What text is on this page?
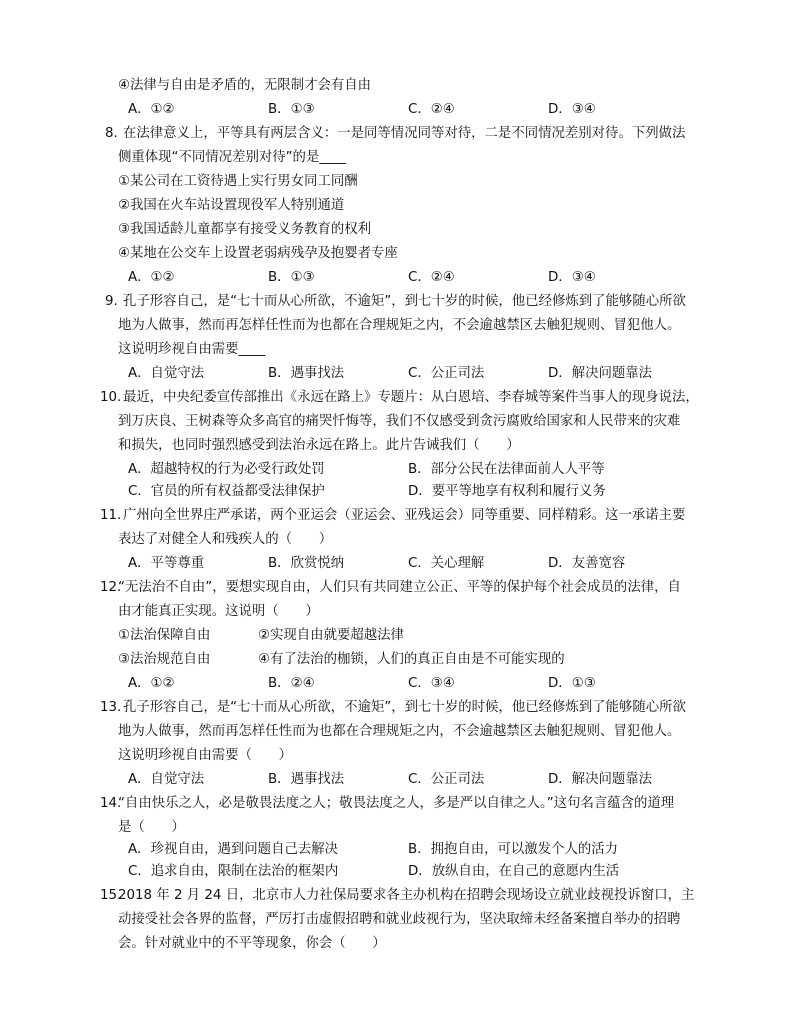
④法律与自由是矛盾的，无限制才会有自由
A．①②	B．①③	C．②④	D．③④
8. 在法律意义上，平等具有两层含义：一是同等情况同等对待，二是不同情况差别对待。下列做法
侧重体现“不同情况差别对待”的是____
①某公司在工资待遇上实行男女同工同酬
②我国在火车站设置现役军人特别通道
③我国适龄儿童都享有接受义务教育的权利
④某地在公交车上设置老弱病残孕及抱婴者专座
A．①②	B．①③	C．②④	D．③④
9. 孔子形容自己，是“七十而从心所欲，不逾矩”，到七十岁的时候，他已经修炼到了能够随心所欲
地为人做事，然而再怎样任性而为也都在合理规矩之内，不会逾越禁区去触犯规则、冒犯他人。
这说明珍视自由需要____
A．自觉守法	B．遇事找法	C．公正司法	D．解决问题靠法
10. 最近，中央纪委宣传部推出《永远在路上》专题片：从白恩培、李春城等案件当事人的现身说法，
到万庆良、王树森等众多高官的痛哭忏悔等，我们不仅感受到贪污腐败给国家和人民带来的灾难
和损失，也同时强烈感受到法治永远在路上。此片告诫我们（　　）
A．超越特权的行为必受行政处罚	B．部分公民在法律面前人人平等
C．官员的所有权益都受法律保护	D．要平等地享有权利和履行义务
11. 广州向全世界庄严承诺，两个亚运会（亚运会、亚残运会）同等重要、同样精彩。这一承诺主要
表达了对健全人和残疾人的（　　）
A．平等尊重	B．欣赏悦纳	C．关心理解	D．友善宽容
12.
“无法治不自由”，要想实现自由，人们只有共同建立公正、平等的保护每个社会成员的法律，自
由才能真正实现。这说明（　　）
①法治保障自由	②实现自由就要超越法律
③法治规范自由	④有了法治的枷锁，人们的真正自由是不可能实现的
A．①②	B．②④	C．③④	D．①③
13. 孔子形容自己，是“七十而从心所欲，不逾矩”，到七十岁的时候，他已经修炼到了能够随心所欲
地为人做事，然而再怎样任性而为也都在合理规矩之内，不会逾越禁区去触犯规则、冒犯他人。
这说明珍视自由需要（　　）
A．自觉守法	B．遇事找法	C．公正司法	D．解决问题靠法
14.
“自由快乐之人，必是敬畏法度之人；敬畏法度之人，多是严以自律之人。”这句名言蕴含的道理
是（　　）
A．珍视自由，遇到问题自己去解决	B．拥抱自由，可以激发个人的活力
C．追求自由，限制在法治的框架内	D．放纵自由，在自己的意愿内生活
15.
2018 年 2 月 24 日，北京市人力社保局要求各主办机构在招聘会现场设立就业歧视投诉窗口，主
动接受社会各界的监督，严厉打击虚假招聘和就业歧视行为，坚决取缔未经备案擅自举办的招聘
会。针对就业中的不平等现象，你会（　　）
